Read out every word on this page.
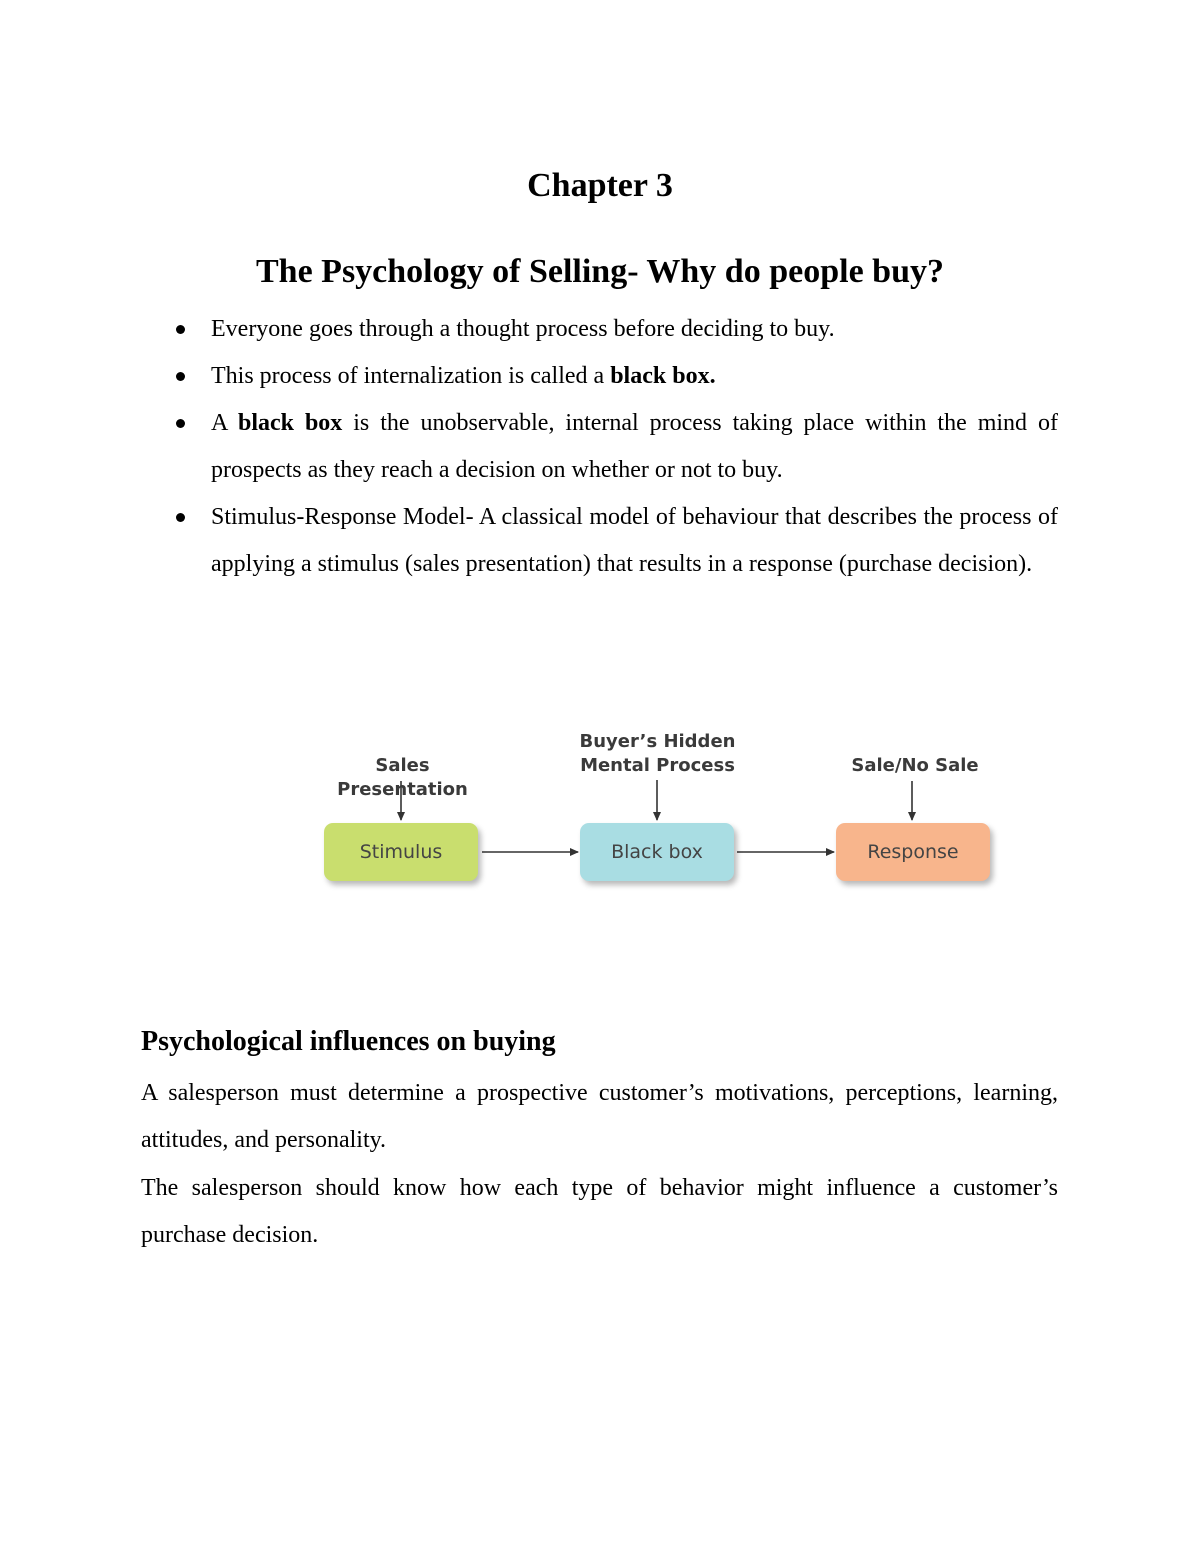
Chapter 3
The Psychology of Selling- Why do people buy?
Everyone goes through a thought process before deciding to buy.
This process of internalization is called a black box.
A black box is the unobservable, internal process taking place within the mind of prospects as they reach a decision on whether or not to buy.
Stimulus-Response Model- A classical model of behaviour that describes the process of applying a stimulus (sales presentation) that results in a response (purchase decision).
Sales Presentation
Buyer’s Hidden
Mental Process	Sale/No Sale
Stimulus	Black box	Response
Psychological influences on buying

A salesperson must determine a prospective customer’s motivations, perceptions, learning, attitudes, and personality.

The salesperson should know how each type of behavior might influence a customer’s purchase decision.
